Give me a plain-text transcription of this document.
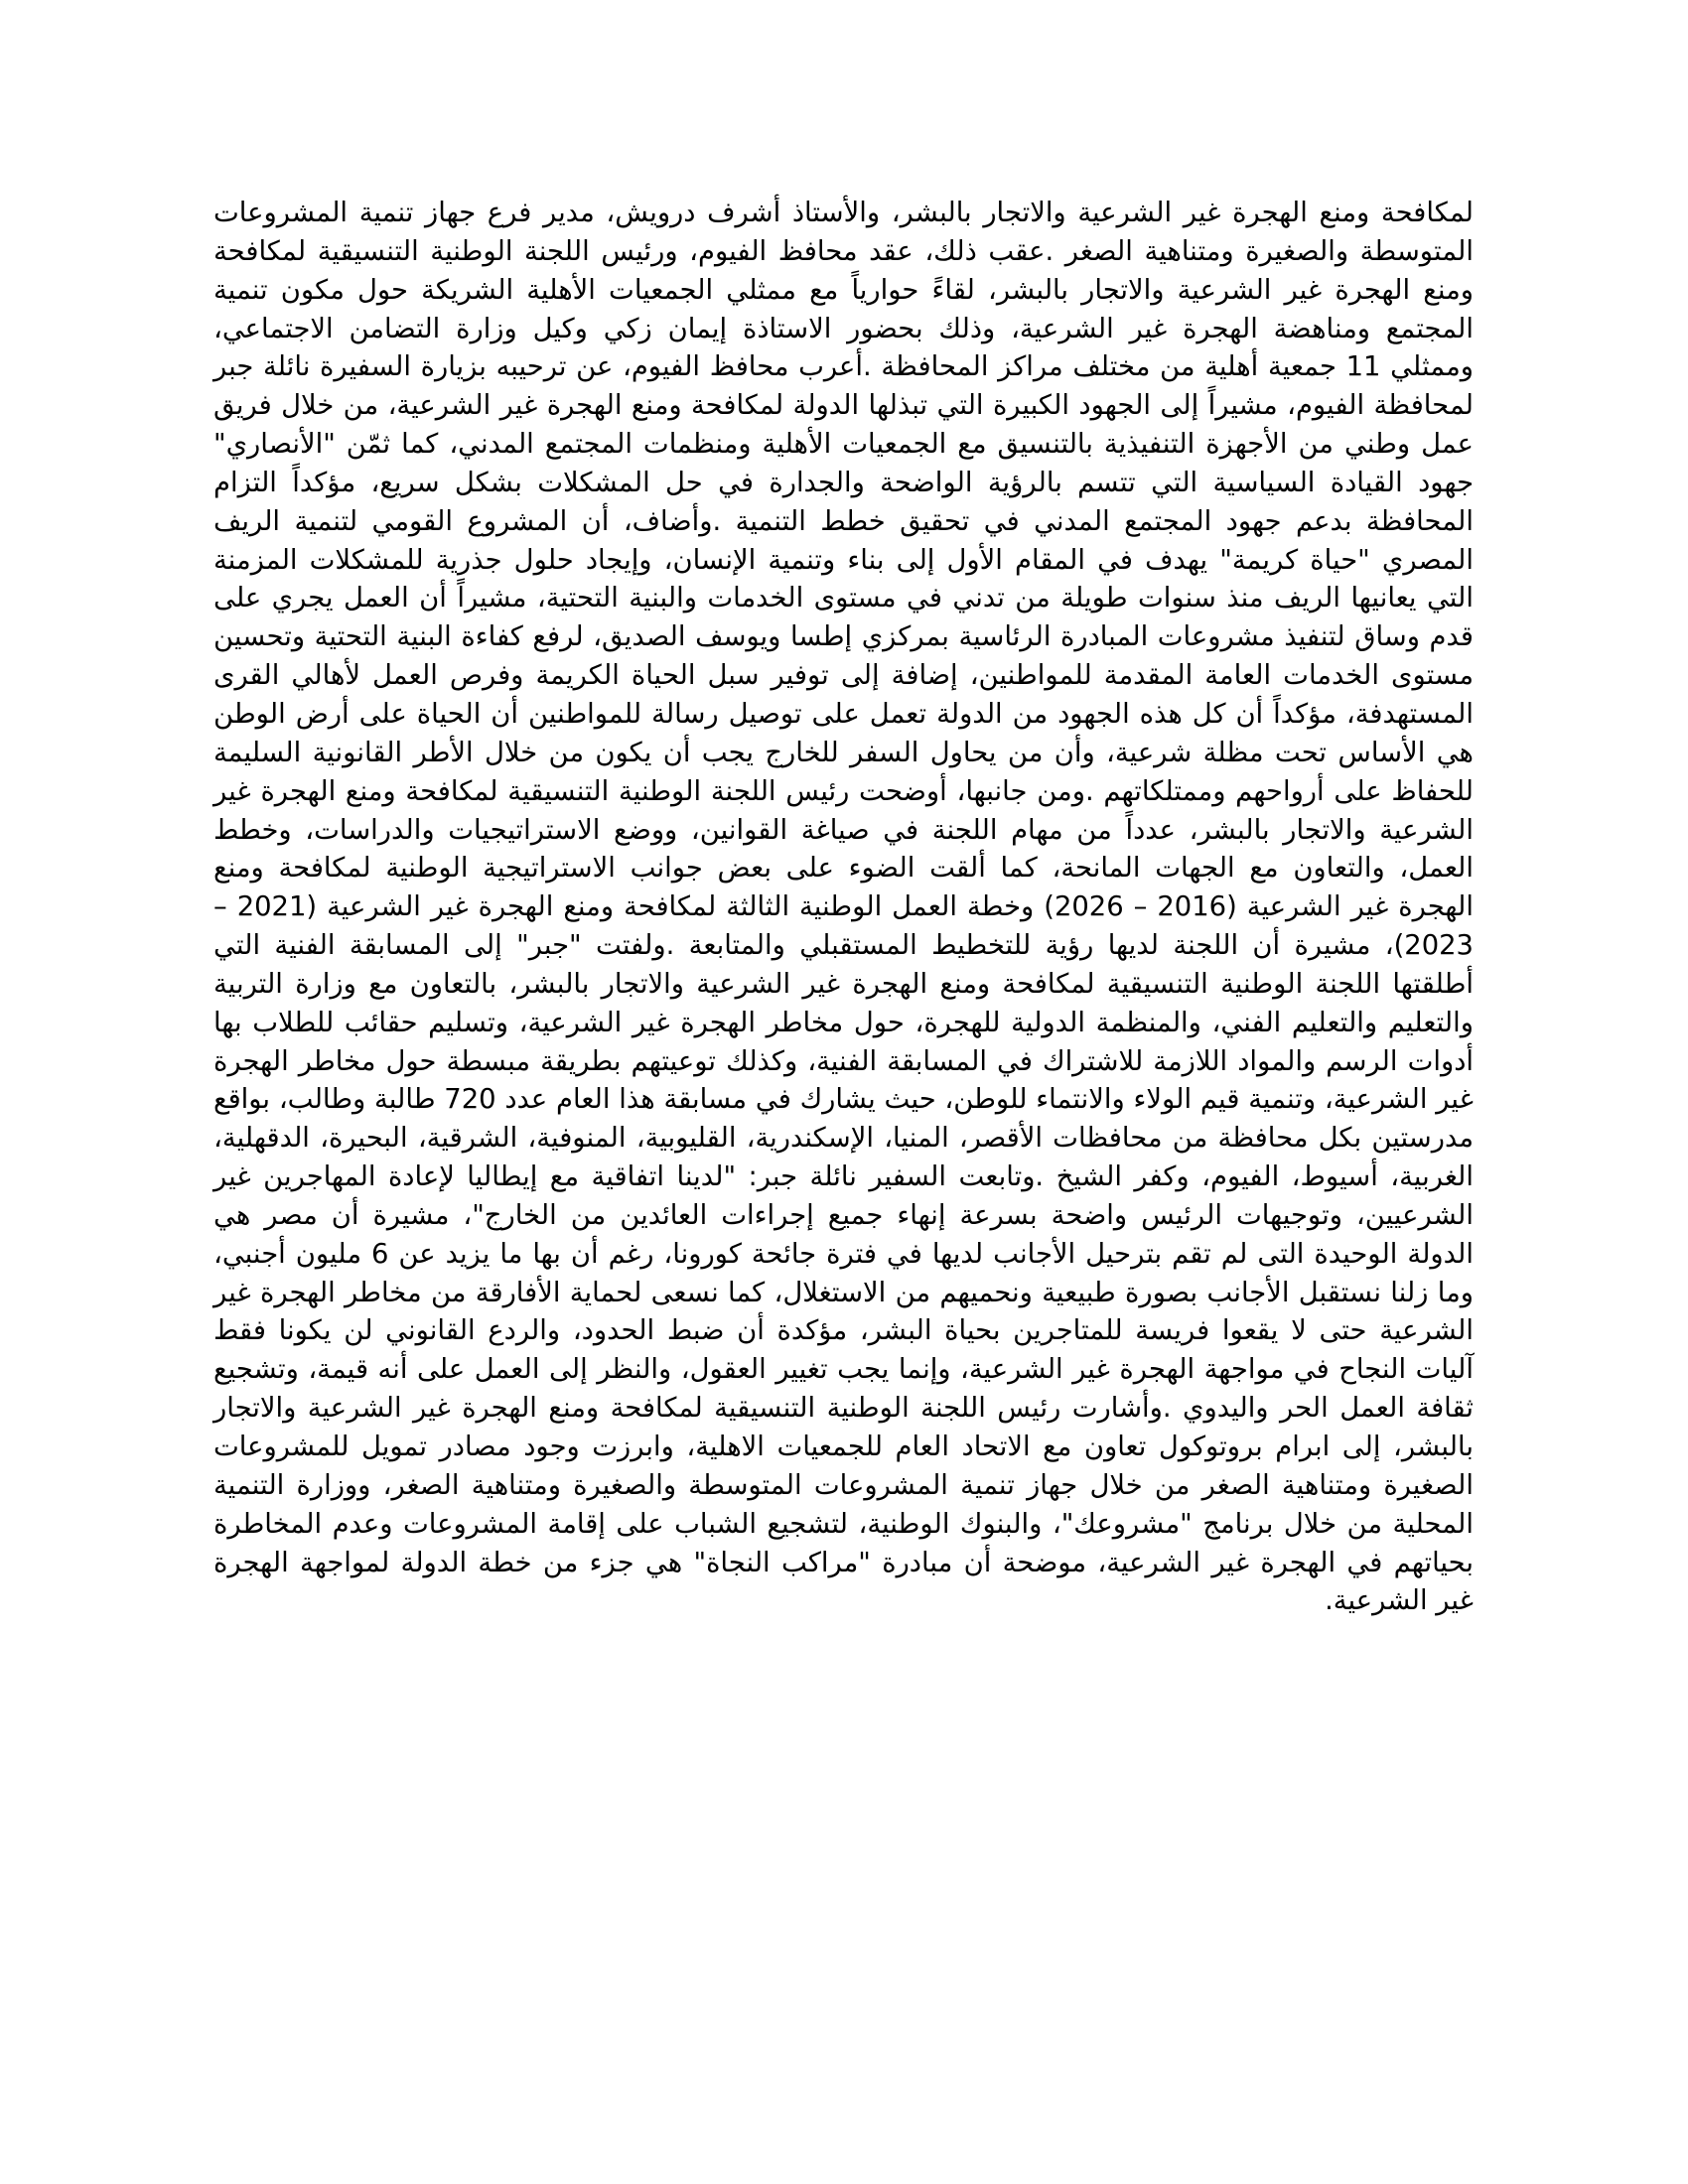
لمكافحة ومنع الهجرة غير الشرعية والاتجار بالبشر، والأستاذ أشرف درويش، مدير فرع جهاز تنمية المشروعات المتوسطة والصغيرة ومتناهية الصغر .عقب ذلك، عقد محافظ الفيوم، ورئيس اللجنة الوطنية التنسيقية لمكافحة ومنع الهجرة غير الشرعية والاتجار بالبشر، لقاءً حوارياً مع ممثلي الجمعيات الأهلية الشريكة حول مكون تنمية المجتمع ومناهضة الهجرة غير الشرعية، وذلك بحضور الاستاذة إيمان زكي وكيل وزارة التضامن الاجتماعي، وممثلي 11 جمعية أهلية من مختلف مراكز المحافظة .أعرب محافظ الفيوم، عن ترحيبه بزيارة السفيرة نائلة جبر لمحافظة الفيوم، مشيراً إلى الجهود الكبيرة التي تبذلها الدولة لمكافحة ومنع الهجرة غير الشرعية، من خلال فريق عمل وطني من الأجهزة التنفيذية بالتنسيق مع الجمعيات الأهلية ومنظمات المجتمع المدني، كما ثمّن "الأنصاري" جهود القيادة السياسية التي تتسم بالرؤية الواضحة والجدارة في حل المشكلات بشكل سريع، مؤكداً التزام المحافظة بدعم جهود المجتمع المدني في تحقيق خطط التنمية .وأضاف، أن المشروع القومي لتنمية الريف المصري "حياة كريمة" يهدف في المقام الأول إلى بناء وتنمية الإنسان، وإيجاد حلول جذرية للمشكلات المزمنة التي يعانيها الريف منذ سنوات طويلة من تدني في مستوى الخدمات والبنية التحتية، مشيراً أن العمل يجري على قدم وساق لتنفيذ مشروعات المبادرة الرئاسية بمركزي إطسا ويوسف الصديق، لرفع كفاءة البنية التحتية وتحسين مستوى الخدمات العامة المقدمة للمواطنين، إضافة إلى توفير سبل الحياة الكريمة وفرص العمل لأهالي القرى المستهدفة، مؤكداً أن كل هذه الجهود من الدولة تعمل على توصيل رسالة للمواطنين أن الحياة على أرض الوطن هي الأساس تحت مظلة شرعية، وأن من يحاول السفر للخارج يجب أن يكون من خلال الأطر القانونية السليمة للحفاظ على أرواحهم وممتلكاتهم .ومن جانبها، أوضحت رئيس اللجنة الوطنية التنسيقية لمكافحة ومنع الهجرة غير الشرعية والاتجار بالبشر، عدداً من مهام اللجنة في صياغة القوانين، ووضع الاستراتيجيات والدراسات، وخطط العمل، والتعاون مع الجهات المانحة، كما ألقت الضوء على بعض جوانب الاستراتيجية الوطنية لمكافحة ومنع الهجرة غير الشرعية (2016 – 2026) وخطة العمل الوطنية الثالثة لمكافحة ومنع الهجرة غير الشرعية (2021 – 2023)، مشيرة أن اللجنة لديها رؤية للتخطيط المستقبلي والمتابعة .ولفتت "جبر" إلى المسابقة الفنية التي أطلقتها اللجنة الوطنية التنسيقية لمكافحة ومنع الهجرة غير الشرعية والاتجار بالبشر، بالتعاون مع وزارة التربية والتعليم والتعليم الفني، والمنظمة الدولية للهجرة، حول مخاطر الهجرة غير الشرعية، وتسليم حقائب للطلاب بها أدوات الرسم والمواد اللازمة للاشتراك في المسابقة الفنية، وكذلك توعيتهم بطريقة مبسطة حول مخاطر الهجرة غير الشرعية، وتنمية قيم الولاء والانتماء للوطن، حيث يشارك في مسابقة هذا العام عدد 720 طالبة وطالب، بواقع مدرستين بكل محافظة من محافظات الأقصر، المنيا، الإسكندرية، القليوبية، المنوفية، الشرقية، البحيرة، الدقهلية، الغربية، أسيوط، الفيوم، وكفر الشيخ .وتابعت السفير نائلة جبر: "لدينا اتفاقية مع إيطاليا لإعادة المهاجرين غير الشرعيين، وتوجيهات الرئيس واضحة بسرعة إنهاء جميع إجراءات العائدين من الخارج"، مشيرة أن مصر هي الدولة الوحيدة التى لم تقم بترحيل الأجانب لديها في فترة جائحة كورونا، رغم أن بها ما يزيد عن 6 مليون أجنبي، وما زلنا نستقبل الأجانب بصورة طبيعية ونحميهم من الاستغلال، كما نسعى لحماية الأفارقة من مخاطر الهجرة غير الشرعية حتى لا يقعوا فريسة للمتاجرين بحياة البشر، مؤكدة أن ضبط الحدود، والردع القانوني لن يكونا فقط آليات النجاح في مواجهة الهجرة غير الشرعية، وإنما يجب تغيير العقول، والنظر إلى العمل على أنه قيمة، وتشجيع ثقافة العمل الحر واليدوي .وأشارت رئيس اللجنة الوطنية التنسيقية لمكافحة ومنع الهجرة غير الشرعية والاتجار بالبشر، إلى ابرام بروتوكول تعاون مع الاتحاد العام للجمعيات الاهلية، وابرزت وجود مصادر تمويل للمشروعات الصغيرة ومتناهية الصغر من خلال جهاز تنمية المشروعات المتوسطة والصغيرة ومتناهية الصغر، ووزارة التنمية المحلية من خلال برنامج "مشروعك"، والبنوك الوطنية، لتشجيع الشباب على إقامة المشروعات وعدم المخاطرة بحياتهم في الهجرة غير الشرعية، موضحة أن مبادرة "مراكب النجاة" هي جزء من خطة الدولة لمواجهة الهجرة غير الشرعية.
